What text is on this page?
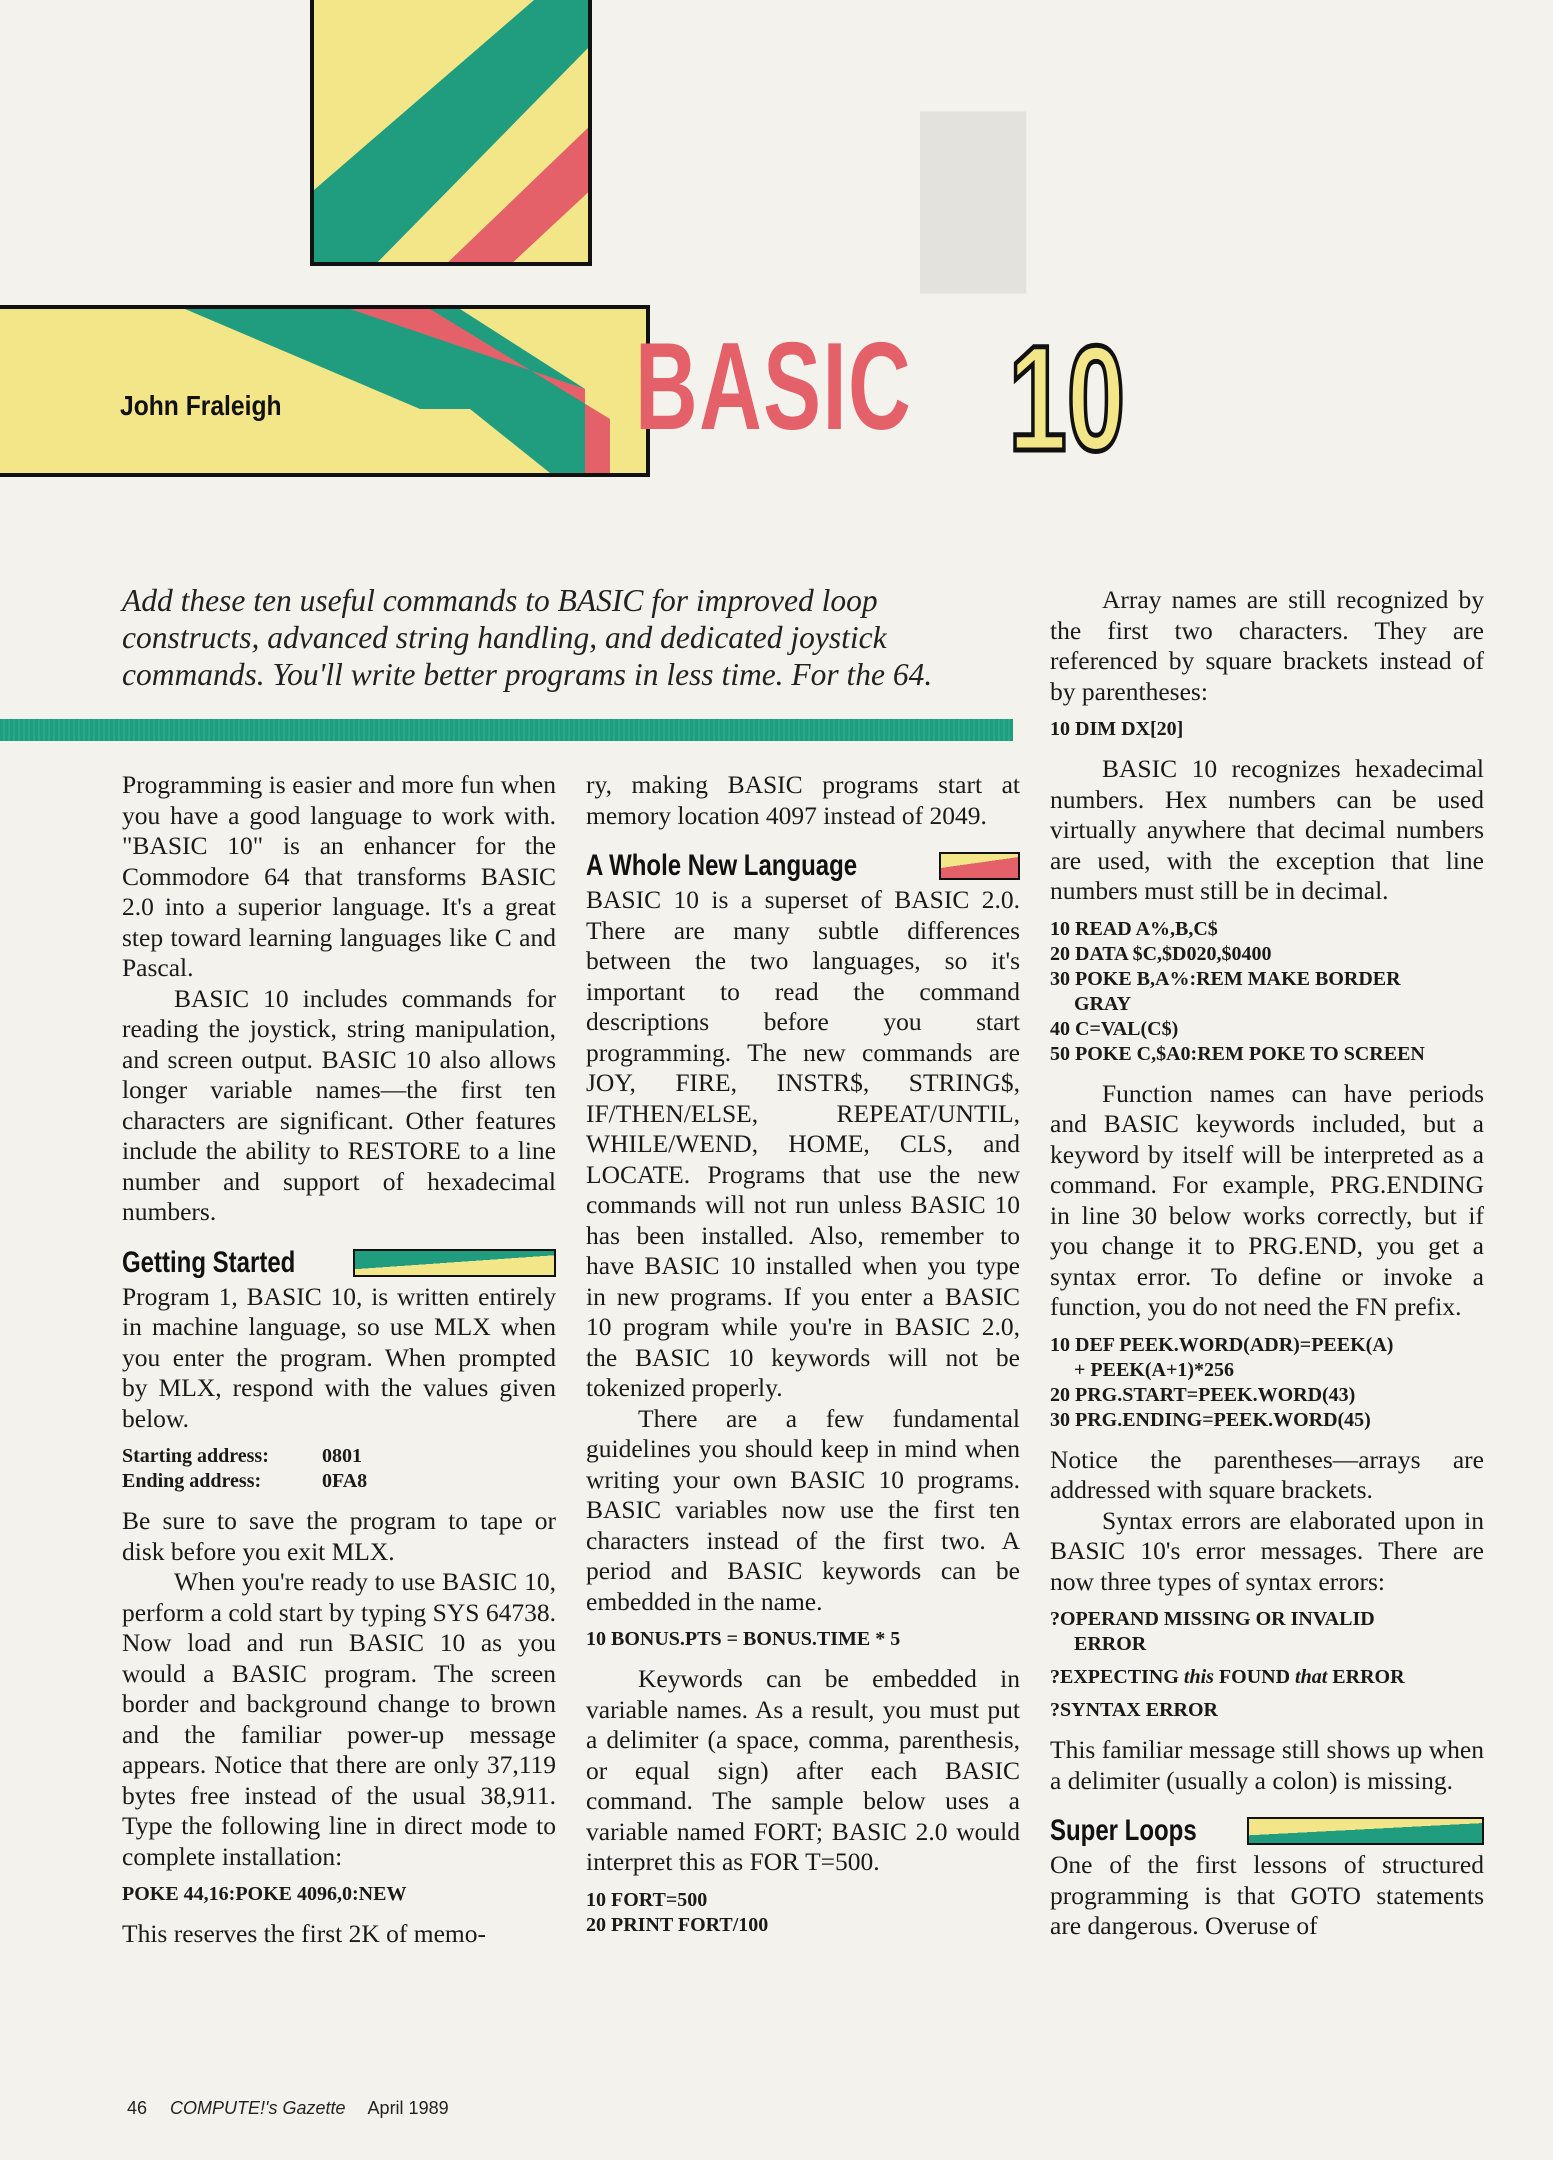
█
John Fraleigh	BASIC 10
Add these ten useful commands to BASIC for improved loop constructs, advanced string handling, and dedicated joystick commands. You'll write better programs in less time. For the 64.

Programming is easier and more fun when you have a good language to work with. "BASIC 10" is an enhancer for the Commodore 64 that transforms BASIC 2.0 into a superior language. It's a great step toward learning languages like C and Pascal.

BASIC 10 includes commands for reading the joystick, string manipulation, and screen output. BASIC 10 also allows longer variable names—the first ten characters are significant. Other features include the ability to RESTORE to a line number and support of hexadecimal numbers.

Getting Started

Program 1, BASIC 10, is written entirely in machine language, so use MLX when you enter the program. When prompted by MLX, respond with the values given below.

Starting address:	0801
Ending address:	0FA8

Be sure to save the program to tape or disk before you exit MLX.

When you're ready to use BASIC 10, perform a cold start by typing SYS 64738. Now load and run BASIC 10 as you would a BASIC program. The screen border and background change to brown and the familiar power-up message appears. Notice that there are only 37,119 bytes free instead of the usual 38,911. Type the following line in direct mode to complete installation:

POKE 44,16:POKE 4096,0:NEW

This reserves the first 2K of memo-

ry, making BASIC programs start at memory location 4097 instead of 2049.

A Whole New Language

BASIC 10 is a superset of BASIC 2.0. There are many subtle differences between the two languages, so it's important to read the command descriptions before you start programming. The new commands are JOY, FIRE, INSTR$, STRING$, IF/THEN/ELSE, REPEAT/UNTIL, WHILE/WEND, HOME, CLS, and LOCATE. Programs that use the new commands will not run unless BASIC 10 has been installed. Also, remember to have BASIC 10 installed when you type in new programs. If you enter a BASIC 10 program while you're in BASIC 2.0, the BASIC 10 keywords will not be tokenized properly.

There are a few fundamental guidelines you should keep in mind when writing your own BASIC 10 programs. BASIC variables now use the first ten characters instead of the first two. A period and BASIC keywords can be embedded in the name.

10 BONUS.PTS = BONUS.TIME * 5

Keywords can be embedded in variable names. As a result, you must put a delimiter (a space, comma, parenthesis, or equal sign) after each BASIC command. The sample below uses a variable named FORT; BASIC 2.0 would interpret this as FOR T=500.

10 FORT=500
20 PRINT FORT/100

Array names are still recognized by the first two characters. They are referenced by square brackets instead of by parentheses:

10 DIM DX[20]

BASIC 10 recognizes hexadecimal numbers. Hex numbers can be used virtually anywhere that decimal numbers are used, with the exception that line numbers must still be in decimal.

10 READ A%,B,C$
20 DATA $C,$D020,$0400
30 POKE B,A%:REM MAKE BORDER
GRAY
40 C=VAL(C$)
50 POKE C,$A0:REM POKE TO SCREEN

Function names can have periods and BASIC keywords included, but a keyword by itself will be interpreted as a command. For example, PRG.ENDING in line 30 below works correctly, but if you change it to PRG.END, you get a syntax error. To define or invoke a function, you do not need the FN prefix.

10 DEF PEEK.WORD(ADR)=PEEK(A)
+ PEEK(A+1)*256
20 PRG.START=PEEK.WORD(43)
30 PRG.ENDING=PEEK.WORD(45)

Notice the parentheses—arrays are addressed with square brackets.

Syntax errors are elaborated upon in BASIC 10's error messages. There are now three types of syntax errors:

?OPERAND MISSING OR INVALID
ERROR
?EXPECTING this FOUND that ERROR
?SYNTAX ERROR

This familiar message still shows up when a delimiter (usually a colon) is missing.

Super Loops

One of the first lessons of structured programming is that GOTO statements are dangerous. Overuse of

46 COMPUTE!'s Gazette April 1989
